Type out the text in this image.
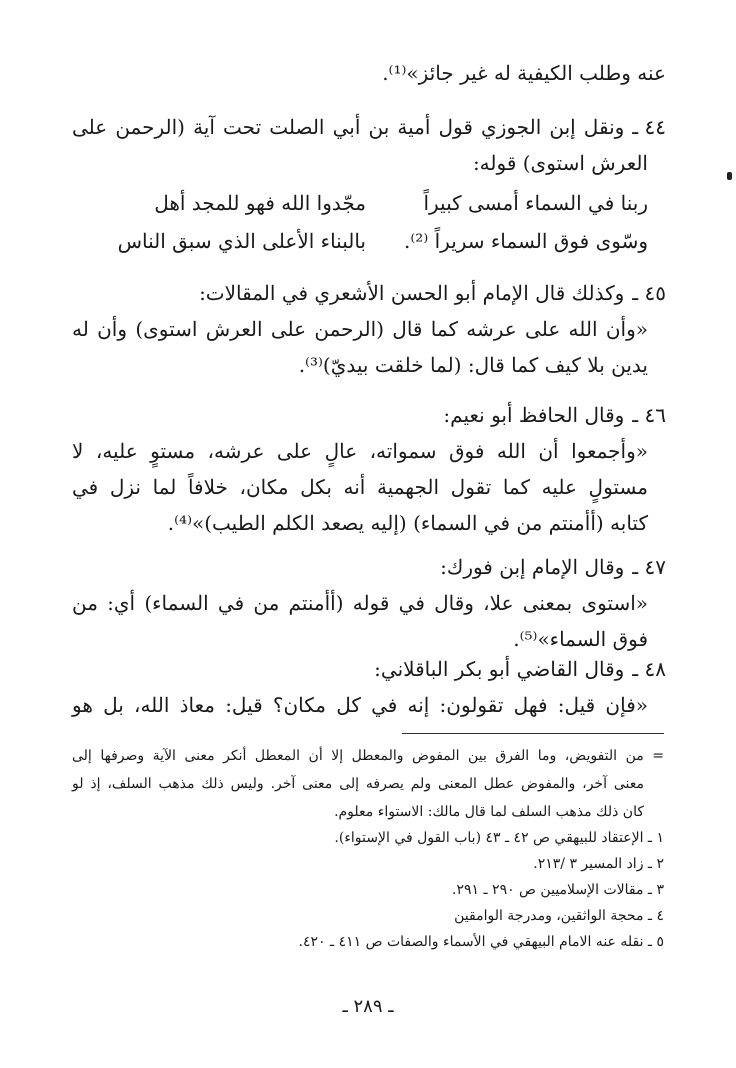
عنه وطلب الكيفية له غير جائز»⁽¹⁾.
٤٤ ـونقل إبن الجوزي قول أمية بن أبي الصلت تحت آية (الرحمن على
العرش استوى) قوله:
ربنا في السماء أمسى كبيراً
مجّدوا الله فهو للمجد أهل
وسّوى فوق السماء سريراً ⁽²⁾.
بالبناء الأعلى الذي سبق الناس
٤٥ ـوكذلك قال الإمام أبو الحسن الأشعري في المقالات:
«وأن الله على عرشه كما قال (الرحمن على العرش استوى) وأن له
يدين بلا كيف كما قال: (لما خلقت بيديّ)⁽³⁾.
٤٦ ـوقال الحافظ أبو نعيم:
«وأجمعوا أن الله فوق سمواته، عالٍ على عرشه، مستوٍ عليه، لا
مستولٍ عليه كما تقول الجهمية أنه بكل مكان، خلافاً لما نزل في
كتابه (أأمنتم من في السماء) (إليه يصعد الكلم الطيب)»⁽⁴⁾.
٤٧ ـوقال الإمام إبن فورك:
«استوى بمعنى علا، وقال في قوله (أأمنتم من في السماء) أي: من
فوق السماء»⁽⁵⁾.
٤٨ ـوقال القاضي أبو بكر الباقلاني:
«فإن قيل: فهل تقولون: إنه في كل مكان؟ قيل: معاذ الله، بل هو
= من التفويض، وما الفرق بين المفوض والمعطل إلا أن المعطل أنكر معنى الآية وصرفها إلى
معنى آخر، والمفوض عطل المعنى ولم يصرفه إلى معنى آخر. وليس ذلك مذهب السلف، إذ لو
كان ذلك مذهب السلف لما قال مالك: الاستواء معلوم.
١ ـ الإعتقاد للبيهقي ص ٤٢ ـ ٤٣ (باب القول في الإستواء).
٢ ـ زاد المسير ٣ /٢١٣.
٣ ـ مقالات الإسلاميين ص ٢٩٠ ـ ٢٩١.
٤ ـ محجة الواثقين، ومدرجة الوامقين
٥ ـ نقله عنه الامام البيهقي في الأسماء والصفات ص ٤١١ ـ ٤٢٠.
ـ ٢٨٩ ـ
